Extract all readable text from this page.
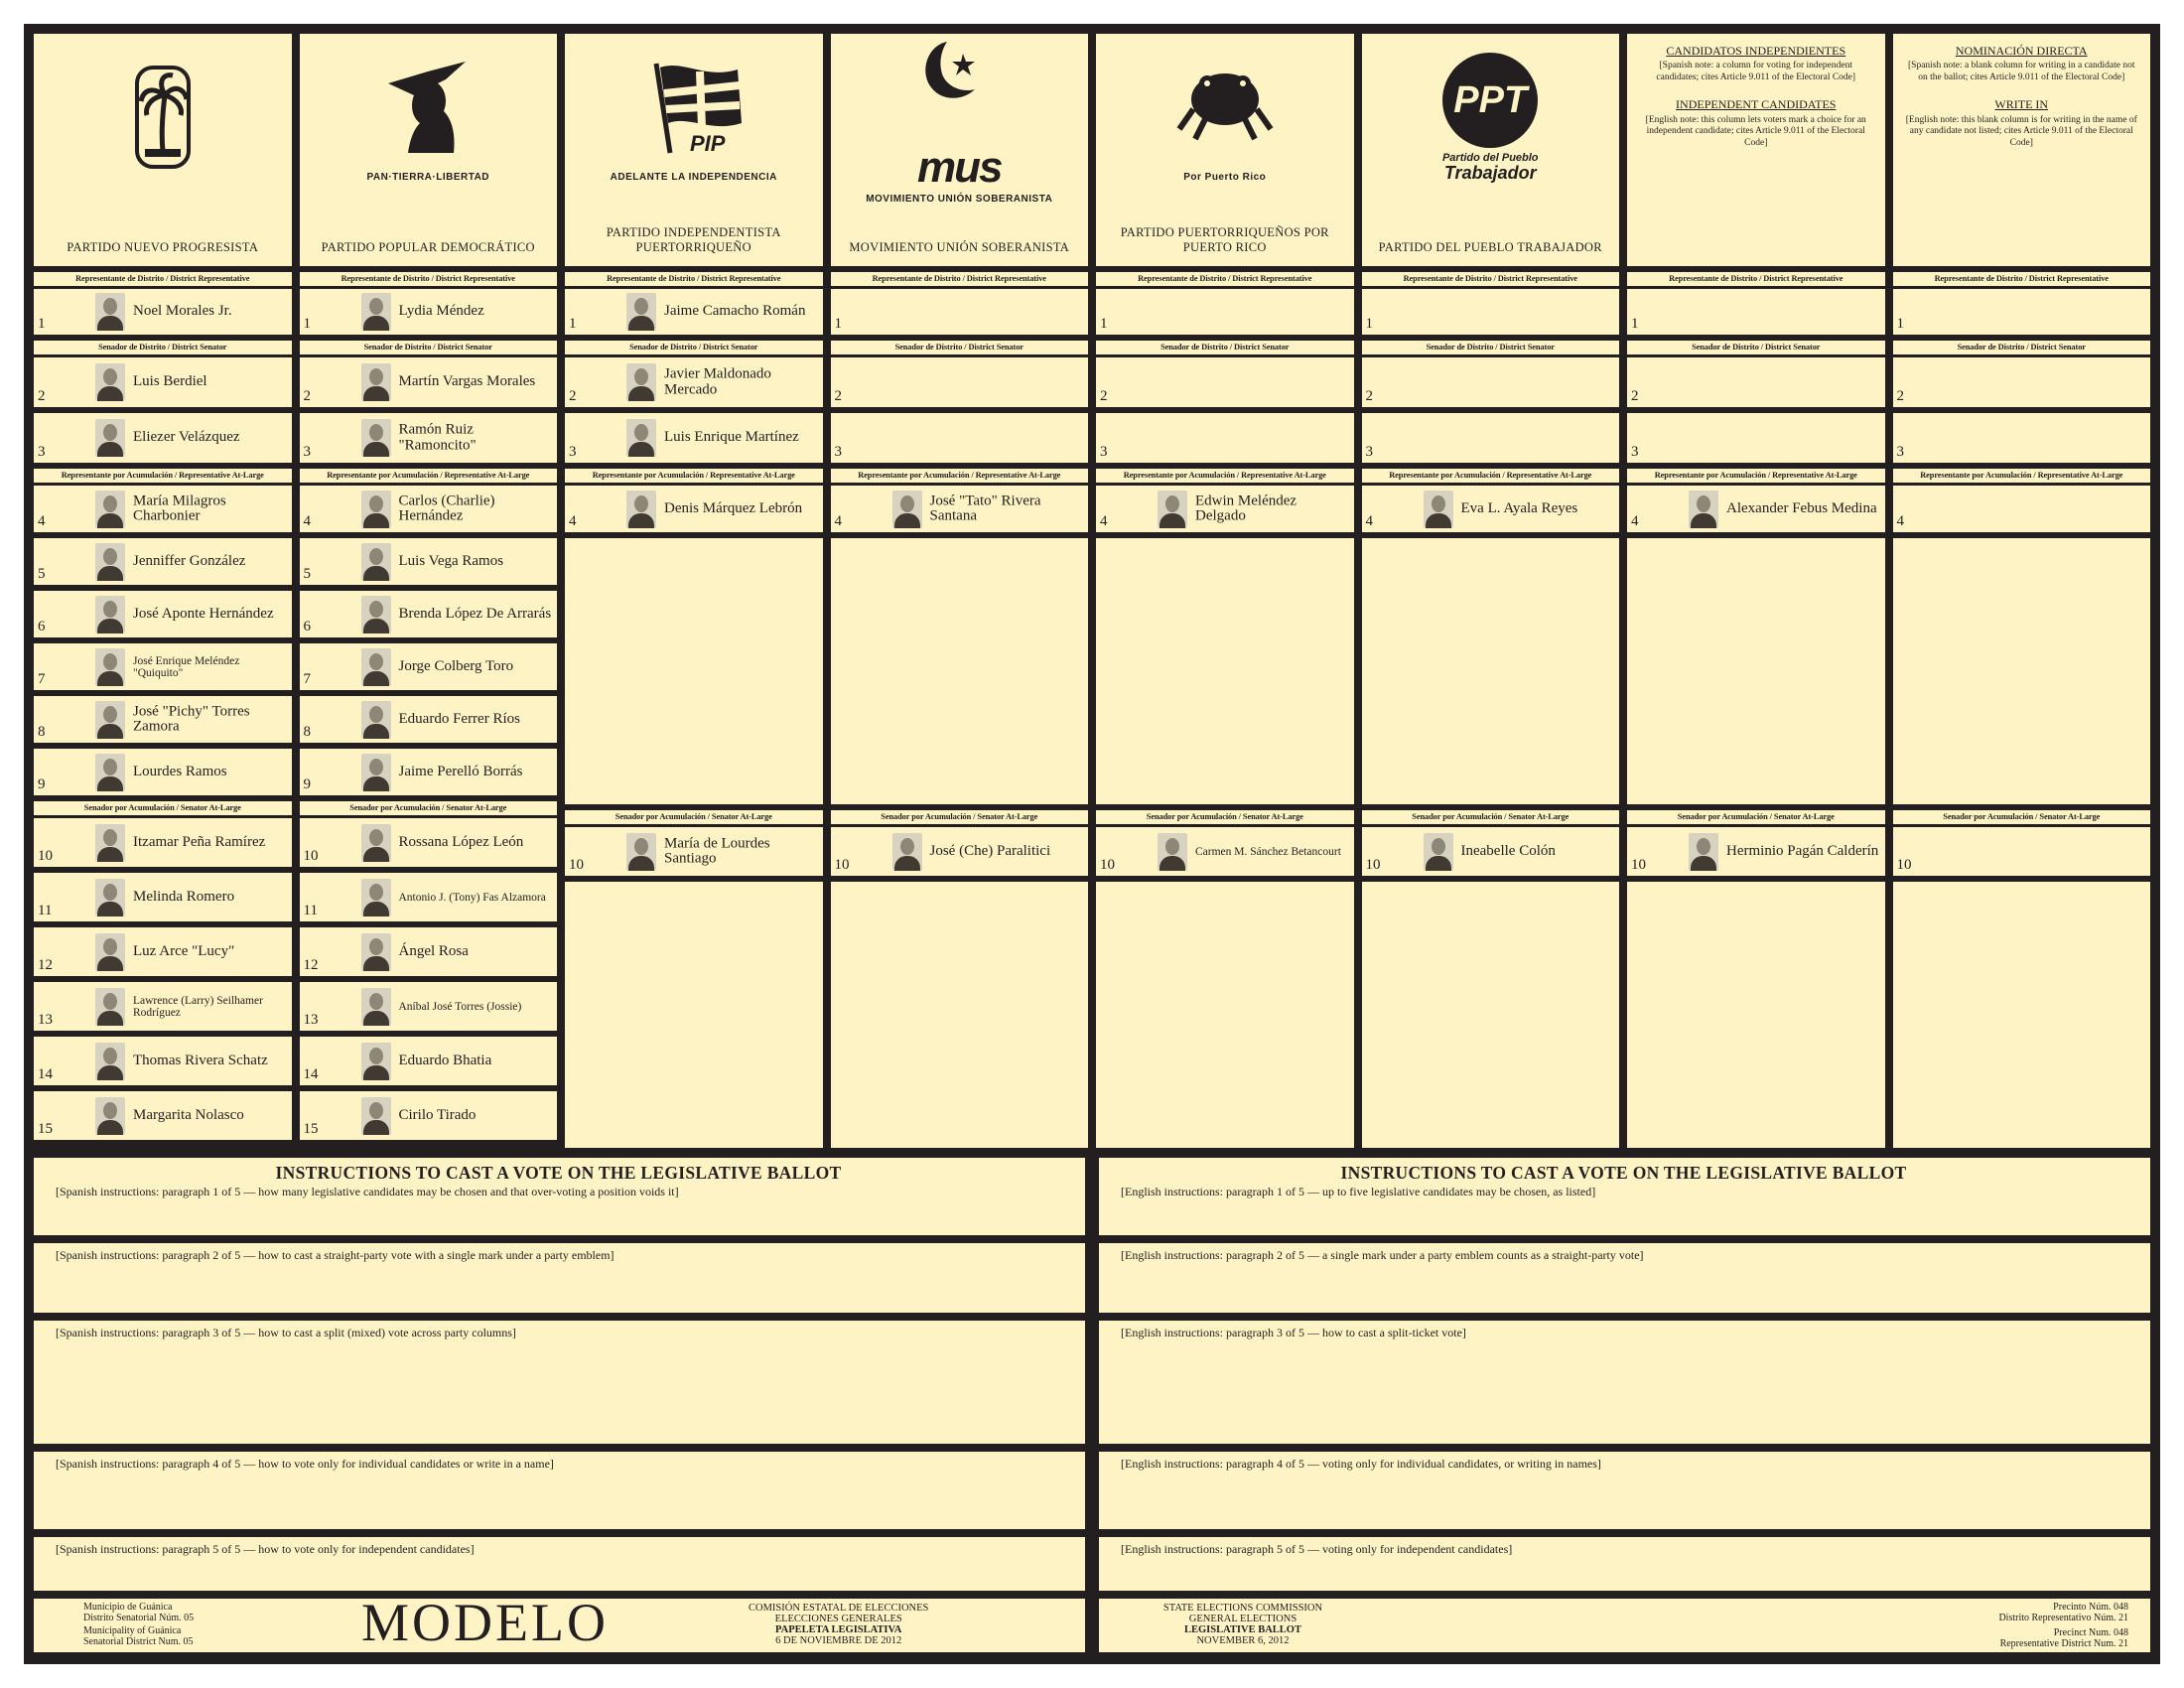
PARTIDO NUEVO PROGRESISTA
Representante de Distrito / District Representative
1
Noel Morales Jr.
Senador de Distrito / District Senator
2
Luis Berdiel
3
Eliezer Velázquez
Representante por Acumulación / Representative At-Large
4
María Milagros Charbonier
5
Jenniffer González
6
José Aponte Hernández
7
José Enrique Meléndez "Quiquito"
8
José "Pichy" Torres Zamora
9
Lourdes Ramos
Senador por Acumulación / Senator At-Large
10
Itzamar Peña Ramírez
11
Melinda Romero
12
Luz Arce "Lucy"
13
Lawrence (Larry) Seilhamer Rodríguez
14
Thomas Rivera Schatz
15
Margarita Nolasco
PAN·TIERRA·LIBERTAD
PARTIDO POPULAR DEMOCRÁTICO
Representante de Distrito / District Representative
1
Lydia Méndez
Senador de Distrito / District Senator
2
Martín Vargas Morales
3
Ramón Ruiz "Ramoncito"
Representante por Acumulación / Representative At-Large
4
Carlos (Charlie) Hernández
5
Luis Vega Ramos
6
Brenda López De Arrarás
7
Jorge Colberg Toro
8
Eduardo Ferrer Ríos
9
Jaime Perelló Borrás
Senador por Acumulación / Senator At-Large
10
Rossana López León
11
Antonio J. (Tony) Fas Alzamora
12
Ángel Rosa
13
Aníbal José Torres (Jossie)
14
Eduardo Bhatia
15
Cirilo Tirado
PIP
ADELANTE LA INDEPENDENCIA
PARTIDO INDEPENDENTISTA PUERTORRIQUEÑO
Representante de Distrito / District Representative
1
Jaime Camacho Román
Senador de Distrito / District Senator
2
Javier Maldonado Mercado
3
Luis Enrique Martínez
Representante por Acumulación / Representative At-Large
4
Denis Márquez Lebrón
Senador por Acumulación / Senator At-Large
10
María de Lourdes Santiago
mus
MOVIMIENTO UNIÓN SOBERANISTA
MOVIMIENTO UNIÓN SOBERANISTA
Representante de Distrito / District Representative
1
Senador de Distrito / District Senator
2
3
Representante por Acumulación / Representative At-Large
4
José "Tato" Rivera Santana
Senador por Acumulación / Senator At-Large
10
José (Che) Paralitici
Por Puerto Rico
PARTIDO PUERTORRIQUEÑOS POR PUERTO RICO
Representante de Distrito / District Representative
1
Senador de Distrito / District Senator
2
3
Representante por Acumulación / Representative At-Large
4
Edwin Meléndez Delgado
Senador por Acumulación / Senator At-Large
10
Carmen M. Sánchez Betancourt
PPT
Partido del Pueblo
Trabajador
PARTIDO DEL PUEBLO TRABAJADOR
Representante de Distrito / District Representative
1
Senador de Distrito / District Senator
2
3
Representante por Acumulación / Representative At-Large
4
Eva L. Ayala Reyes
Senador por Acumulación / Senator At-Large
10
Ineabelle Colón
CANDIDATOS INDEPENDIENTES

[Spanish note: a column for voting for independent candidates; cites Article 9.011 of the Electoral Code]

INDEPENDENT CANDIDATES

[English note: this column lets voters mark a choice for an independent candidate; cites Article 9.011 of the Electoral Code]

Representante de Distrito / District Representative
1
Senador de Distrito / District Senator
2
3
Representante por Acumulación / Representative At-Large
4
Alexander Febus Medina
Senador por Acumulación / Senator At-Large
10
Herminio Pagán Calderín
NOMINACIÓN DIRECTA

[Spanish note: a blank column for writing in a candidate not on the ballot; cites Article 9.011 of the Electoral Code]

WRITE IN

[English note: this blank column is for writing in the name of any candidate not listed; cites Article 9.011 of the Electoral Code]

Representante de Distrito / District Representative
1
Senador de Distrito / District Senator
2
3
Representante por Acumulación / Representative At-Large
4
Senador por Acumulación / Senator At-Large
10
INSTRUCTIONS TO CAST A VOTE ON THE LEGISLATIVE BALLOT
[Spanish instructions: paragraph 1 of 5 — how many legislative candidates may be chosen and that over-voting a position voids it]
[Spanish instructions: paragraph 2 of 5 — how to cast a straight-party vote with a single mark under a party emblem]
[Spanish instructions: paragraph 3 of 5 — how to cast a split (mixed) vote across party columns]
[Spanish instructions: paragraph 4 of 5 — how to vote only for individual candidates or write in a name]
[Spanish instructions: paragraph 5 of 5 — how to vote only for independent candidates]
INSTRUCTIONS TO CAST A VOTE ON THE LEGISLATIVE BALLOT
[English instructions: paragraph 1 of 5 — up to five legislative candidates may be chosen, as listed]
[English instructions: paragraph 2 of 5 — a single mark under a party emblem counts as a straight-party vote]
[English instructions: paragraph 3 of 5 — how to cast a split-ticket vote]
[English instructions: paragraph 4 of 5 — voting only for individual candidates, or writing in names]
[English instructions: paragraph 5 of 5 — voting only for independent candidates]
Municipio de Guánica
Distrito Senatorial Núm. 05
Municipality of Guánica
Senatorial District Num. 05	MODELO	COMISIÓN ESTATAL DE ELECCIONES
ELECCIONES GENERALES
PAPELETA LEGISLATIVA
6 DE NOVIEMBRE DE 2012
STATE ELECTIONS COMMISSION
GENERAL ELECTIONS
LEGISLATIVE BALLOT
NOVEMBER 6, 2012
Precinto Núm. 048
Distrito Representativo Núm. 21
Precinct Num. 048
Representative District Num. 21
